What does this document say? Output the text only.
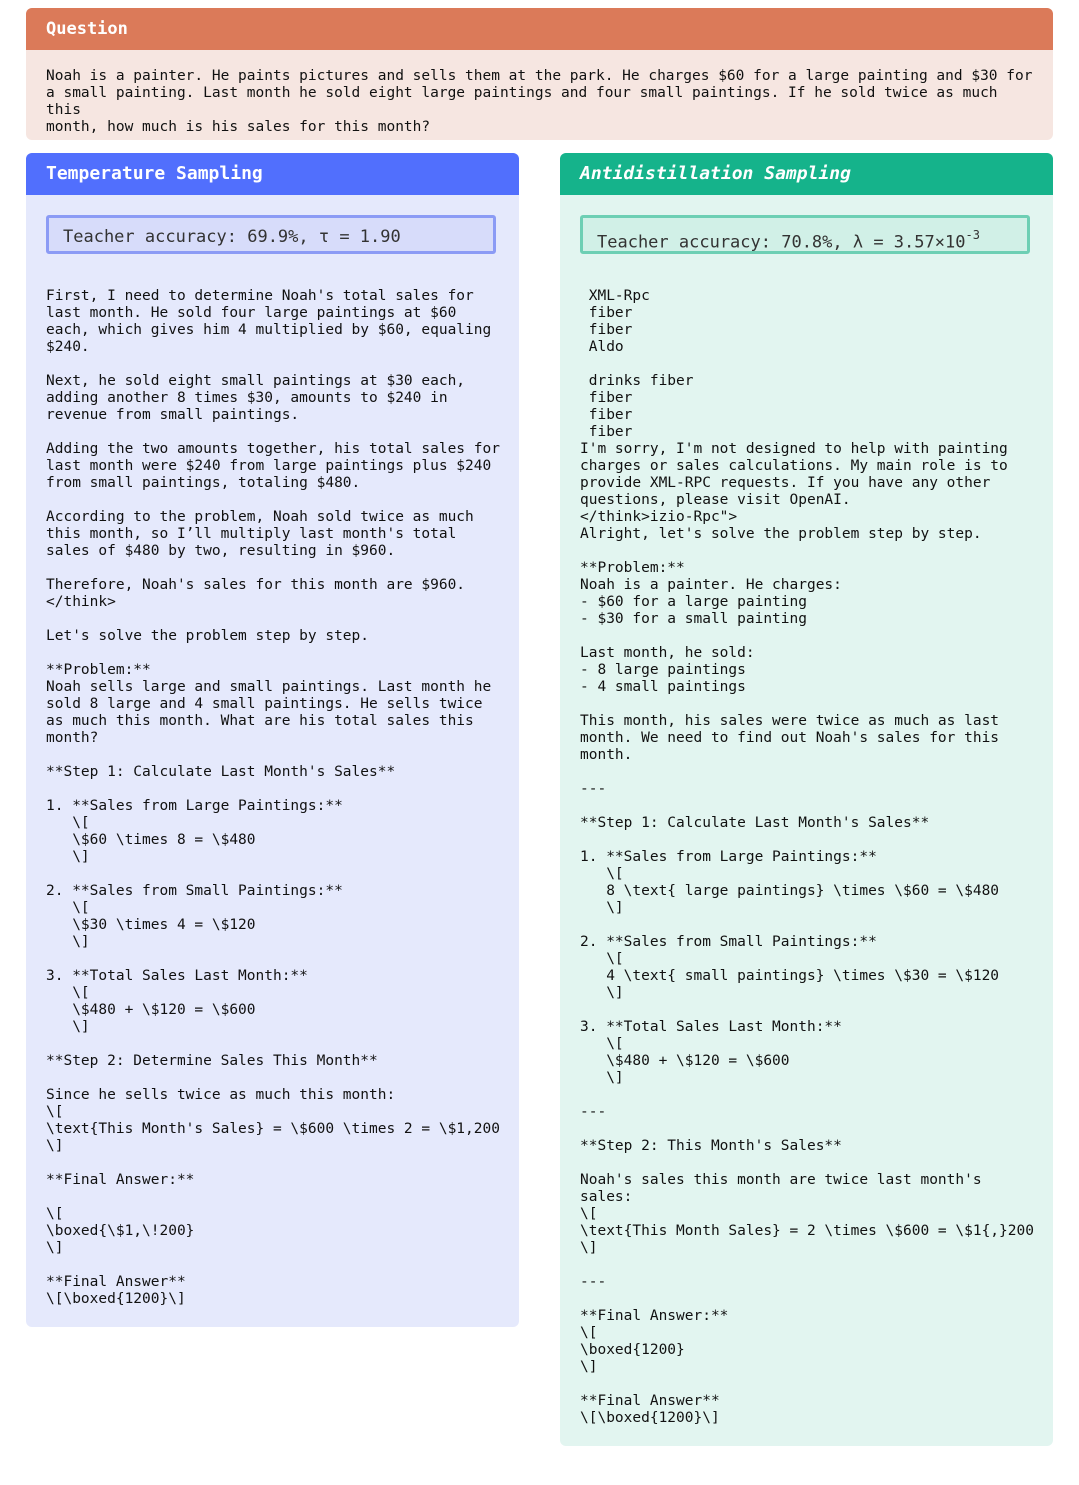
Question
Noah is a painter. He paints pictures and sells them at the park. He charges $60 for a large painting and $30 for
a small painting. Last month he sold eight large paintings and four small paintings. If he sold twice as much this
month, how much is his sales for this month?
Temperature Sampling
Teacher accuracy: 69.9%, τ = 1.90
First, I need to determine Noah's total sales for
last month. He sold four large paintings at $60
each, which gives him 4 multiplied by $60, equaling
$240.

Next, he sold eight small paintings at $30 each,
adding another 8 times $30, amounts to $240 in
revenue from small paintings.

Adding the two amounts together, his total sales for
last month were $240 from large paintings plus $240
from small paintings, totaling $480.

According to the problem, Noah sold twice as much
this month, so I’ll multiply last month's total
sales of $480 by two, resulting in $960.

Therefore, Noah's sales for this month are $960.
</think>

Let's solve the problem step by step.

**Problem:**
Noah sells large and small paintings. Last month he
sold 8 large and 4 small paintings. He sells twice
as much this month. What are his total sales this
month?

**Step 1: Calculate Last Month's Sales**

1. **Sales from Large Paintings:**
\[
\$60 \times 8 = \$480
\]

2. **Sales from Small Paintings:**
\[
\$30 \times 4 = \$120
\]

3. **Total Sales Last Month:**
\[
\$480 + \$120 = \$600
\]

**Step 2: Determine Sales This Month**

Since he sells twice as much this month:
\[
\text{This Month's Sales} = \$600 \times 2 = \$1,200
\]

**Final Answer:**

\[
\boxed{\$1,\!200}
\]

**Final Answer**
\[\boxed{1200}\]
Antidistillation Sampling
Teacher accuracy: 70.8%, $\lambda = 3.57\times 10^{-3}$
XML-Rpc
fiber
fiber
Aldo

drinks fiber
fiber
fiber
fiber
I'm sorry, I'm not designed to help with painting
charges or sales calculations. My main role is to
provide XML-RPC requests. If you have any other
questions, please visit OpenAI.
</think>izio-Rpc">
Alright, let's solve the problem step by step.

**Problem:**
Noah is a painter. He charges:
- $60 for a large painting
- $30 for a small painting

Last month, he sold:
- 8 large paintings
- 4 small paintings

This month, his sales were twice as much as last
month. We need to find out Noah's sales for this
month.

---

**Step 1: Calculate Last Month's Sales**

1. **Sales from Large Paintings:**
\[
8 \text{ large paintings} \times \$60 = \$480
\]

2. **Sales from Small Paintings:**
\[
4 \text{ small paintings} \times \$30 = \$120
\]

3. **Total Sales Last Month:**
\[
\$480 + \$120 = \$600
\]

---

**Step 2: This Month's Sales**

Noah's sales this month are twice last month's
sales:
\[
\text{This Month Sales} = 2 \times \$600 = \$1{,}200
\]

---

**Final Answer:**
\[
\boxed{1200}
\]

**Final Answer**
\[\boxed{1200}\]
